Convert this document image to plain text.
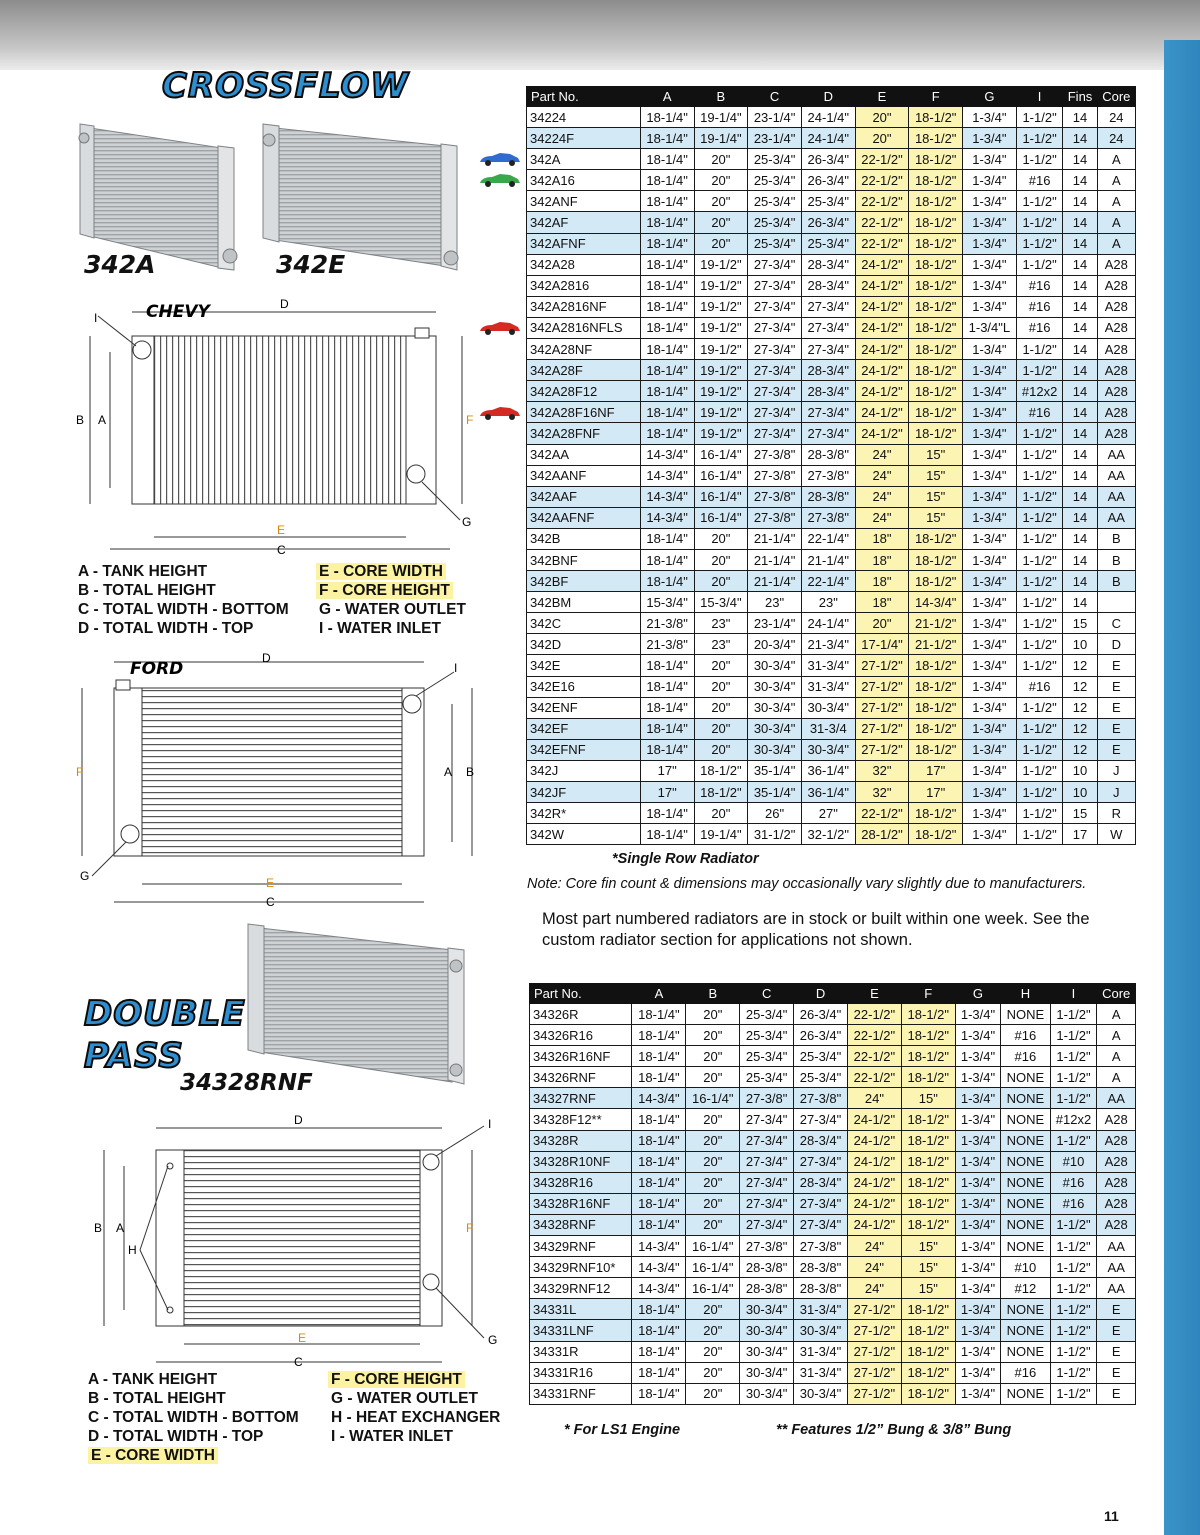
CROSSFLOW
342A	342E
CHEVY	D
I
B A	F
G
E
C
A - TANK HEIGHT
B - TOTAL HEIGHT
C - TOTAL WIDTH - BOTTOM
D - TOTAL WIDTH - TOP
E - CORE WIDTH
F - CORE HEIGHT
G - WATER OUTLET
I - WATER INLET
FORD
D
I
F	A B
G	E
C
Part No.	A	B	C	D	E	F	G	I	Fins	Core
34224	18-1/4"	19-1/4"	23-1/4"	24-1/4"	20"	18-1/2"	1-3/4"	1-1/2"	14	24
34224F	18-1/4"	19-1/4"	23-1/4"	24-1/4"	20"	18-1/2"	1-3/4"	1-1/2"	14	24
342A	18-1/4"	20"	25-3/4"	26-3/4"	22-1/2"	18-1/2"	1-3/4"	1-1/2"	14	A
342A16	18-1/4"	20"	25-3/4"	26-3/4"	22-1/2"	18-1/2"	1-3/4"	#16	14	A
342ANF	18-1/4"	20"	25-3/4"	25-3/4"	22-1/2"	18-1/2"	1-3/4"	1-1/2"	14	A
342AF	18-1/4"	20"	25-3/4"	26-3/4"	22-1/2"	18-1/2"	1-3/4"	1-1/2"	14	A
342AFNF	18-1/4"	20"	25-3/4"	25-3/4"	22-1/2"	18-1/2"	1-3/4"	1-1/2"	14	A
342A28	18-1/4"	19-1/2"	27-3/4"	28-3/4"	24-1/2"	18-1/2"	1-3/4"	1-1/2"	14	A28
342A2816	18-1/4"	19-1/2"	27-3/4"	28-3/4"	24-1/2"	18-1/2"	1-3/4"	#16	14	A28
342A2816NF	18-1/4"	19-1/2"	27-3/4"	27-3/4"	24-1/2"	18-1/2"	1-3/4"	#16	14	A28
342A2816NFLS	18-1/4"	19-1/2"	27-3/4"	27-3/4"	24-1/2"	18-1/2"	1-3/4"L	#16	14	A28
342A28NF	18-1/4"	19-1/2"	27-3/4"	27-3/4"	24-1/2"	18-1/2"	1-3/4"	1-1/2"	14	A28
342A28F	18-1/4"	19-1/2"	27-3/4"	28-3/4"	24-1/2"	18-1/2"	1-3/4"	1-1/2"	14	A28
342A28F12	18-1/4"	19-1/2"	27-3/4"	28-3/4"	24-1/2"	18-1/2"	1-3/4"	#12x2	14	A28
342A28F16NF	18-1/4"	19-1/2"	27-3/4"	27-3/4"	24-1/2"	18-1/2"	1-3/4"	#16	14	A28
342A28FNF	18-1/4"	19-1/2"	27-3/4"	27-3/4"	24-1/2"	18-1/2"	1-3/4"	1-1/2"	14	A28
342AA	14-3/4"	16-1/4"	27-3/8"	28-3/8"	24"	15"	1-3/4"	1-1/2"	14	AA
342AANF	14-3/4"	16-1/4"	27-3/8"	27-3/8"	24"	15"	1-3/4"	1-1/2"	14	AA
342AAF	14-3/4"	16-1/4"	27-3/8"	28-3/8"	24"	15"	1-3/4"	1-1/2"	14	AA
342AAFNF	14-3/4"	16-1/4"	27-3/8"	27-3/8"	24"	15"	1-3/4"	1-1/2"	14	AA
342B	18-1/4"	20"	21-1/4"	22-1/4"	18"	18-1/2"	1-3/4"	1-1/2"	14	B
342BNF	18-1/4"	20"	21-1/4"	21-1/4"	18"	18-1/2"	1-3/4"	1-1/2"	14	B
342BF	18-1/4"	20"	21-1/4"	22-1/4"	18"	18-1/2"	1-3/4"	1-1/2"	14	B
342BM	15-3/4"	15-3/4"	23"	23"	18"	14-3/4"	1-3/4"	1-1/2"	14	
342C	21-3/8"	23"	23-1/4"	24-1/4"	20"	21-1/2"	1-3/4"	1-1/2"	15	C
342D	21-3/8"	23"	20-3/4"	21-3/4"	17-1/4"	21-1/2"	1-3/4"	1-1/2"	10	D
342E	18-1/4"	20"	30-3/4"	31-3/4"	27-1/2"	18-1/2"	1-3/4"	1-1/2"	12	E
342E16	18-1/4"	20"	30-3/4"	31-3/4"	27-1/2"	18-1/2"	1-3/4"	#16	12	E
342ENF	18-1/4"	20"	30-3/4"	30-3/4"	27-1/2"	18-1/2"	1-3/4"	1-1/2"	12	E
342EF	18-1/4"	20"	30-3/4"	31-3/4	27-1/2"	18-1/2"	1-3/4"	1-1/2"	12	E
342EFNF	18-1/4"	20"	30-3/4"	30-3/4"	27-1/2"	18-1/2"	1-3/4"	1-1/2"	12	E
342J	17"	18-1/2"	35-1/4"	36-1/4"	32"	17"	1-3/4"	1-1/2"	10	J
342JF	17"	18-1/2"	35-1/4"	36-1/4"	32"	17"	1-3/4"	1-1/2"	10	J
342R*	18-1/4"	20"	26"	27"	22-1/2"	18-1/2"	1-3/4"	1-1/2"	15	R
342W	18-1/4"	19-1/4"	31-1/2"	32-1/2"	28-1/2"	18-1/2"	1-3/4"	1-1/2"	17	W
*Single Row Radiator
Note: Core fin count & dimensions may occasionally vary slightly due to manufacturers.
Most part numbered radiators are in stock or built within one week. See the custom radiator section for applications not shown.
DOUBLE
PASS
34328RNF
D	I
B A
H
F
G
E
C
A - TANK HEIGHT
B - TOTAL HEIGHT
C - TOTAL WIDTH - BOTTOM
D - TOTAL WIDTH - TOP
E - CORE WIDTH
F - CORE HEIGHT
G - WATER OUTLET
H - HEAT EXCHANGER
I - WATER INLET
Part No.	A	B	C	D	E	F	G	H	I	Core
34326R	18-1/4"	20"	25-3/4"	26-3/4"	22-1/2"	18-1/2"	1-3/4"	NONE	1-1/2"	A
34326R16	18-1/4"	20"	25-3/4"	26-3/4"	22-1/2"	18-1/2"	1-3/4"	#16	1-1/2"	A
34326R16NF	18-1/4"	20"	25-3/4"	25-3/4"	22-1/2"	18-1/2"	1-3/4"	#16	1-1/2"	A
34326RNF	18-1/4"	20"	25-3/4"	25-3/4"	22-1/2"	18-1/2"	1-3/4"	NONE	1-1/2"	A
34327RNF	14-3/4"	16-1/4"	27-3/8"	27-3/8"	24"	15"	1-3/4"	NONE	1-1/2"	AA
34328F12**	18-1/4"	20"	27-3/4"	27-3/4"	24-1/2"	18-1/2"	1-3/4"	NONE	#12x2	A28
34328R	18-1/4"	20"	27-3/4"	28-3/4"	24-1/2"	18-1/2"	1-3/4"	NONE	1-1/2"	A28
34328R10NF	18-1/4"	20"	27-3/4"	27-3/4"	24-1/2"	18-1/2"	1-3/4"	NONE	#10	A28
34328R16	18-1/4"	20"	27-3/4"	28-3/4"	24-1/2"	18-1/2"	1-3/4"	NONE	#16	A28
34328R16NF	18-1/4"	20"	27-3/4"	27-3/4"	24-1/2"	18-1/2"	1-3/4"	NONE	#16	A28
34328RNF	18-1/4"	20"	27-3/4"	27-3/4"	24-1/2"	18-1/2"	1-3/4"	NONE	1-1/2"	A28
34329RNF	14-3/4"	16-1/4"	27-3/8"	27-3/8"	24"	15"	1-3/4"	NONE	1-1/2"	AA
34329RNF10*	14-3/4"	16-1/4"	28-3/8"	28-3/8"	24"	15"	1-3/4"	#10	1-1/2"	AA
34329RNF12	14-3/4"	16-1/4"	28-3/8"	28-3/8"	24"	15"	1-3/4"	#12	1-1/2"	AA
34331L	18-1/4"	20"	30-3/4"	31-3/4"	27-1/2"	18-1/2"	1-3/4"	NONE	1-1/2"	E
34331LNF	18-1/4"	20"	30-3/4"	30-3/4"	27-1/2"	18-1/2"	1-3/4"	NONE	1-1/2"	E
34331R	18-1/4"	20"	30-3/4"	31-3/4"	27-1/2"	18-1/2"	1-3/4"	NONE	1-1/2"	E
34331R16	18-1/4"	20"	30-3/4"	31-3/4"	27-1/2"	18-1/2"	1-3/4"	#16	1-1/2"	E
34331RNF	18-1/4"	20"	30-3/4"	30-3/4"	27-1/2"	18-1/2"	1-3/4"	NONE	1-1/2"	E
* For LS1 Engine	** Features 1/2” Bung & 3/8” Bung
11
